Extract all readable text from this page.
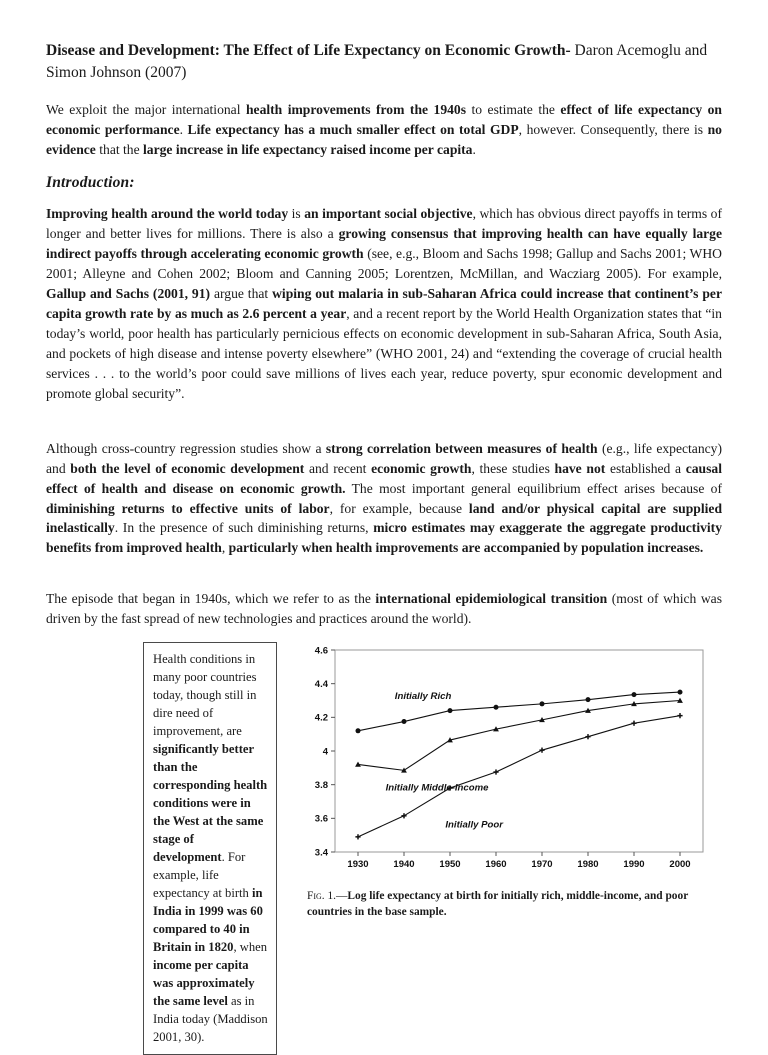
Disease and Development: The Effect of Life Expectancy on Economic Growth- Daron Acemoglu and Simon Johnson (2007)

We exploit the major international health improvements from the 1940s to estimate the effect of life expectancy on economic performance. Life expectancy has a much smaller effect on total GDP, however. Consequently, there is no evidence that the large increase in life expectancy raised income per capita.

Introduction:

Improving health around the world today is an important social objective, which has obvious direct payoffs in terms of longer and better lives for millions. There is also a growing consensus that improving health can have equally large indirect payoffs through accelerating economic growth (see, e.g., Bloom and Sachs 1998; Gallup and Sachs 2001; WHO 2001; Alleyne and Cohen 2002; Bloom and Canning 2005; Lorentzen, McMillan, and Wacziarg 2005). For example, Gallup and Sachs (2001, 91) argue that wiping out malaria in sub-Saharan Africa could increase that continent’s per capita growth rate by as much as 2.6 percent a year, and a recent report by the World Health Organization states that “in today’s world, poor health has particularly pernicious effects on economic development in sub-Saharan Africa, South Asia, and pockets of high disease and intense poverty elsewhere” (WHO 2001, 24) and “extending the coverage of crucial health services . . . to the world’s poor could save millions of lives each year, reduce poverty, spur economic development and promote global security”.

Although cross-country regression studies show a strong correlation between measures of health (e.g., life expectancy) and both the level of economic development and recent economic growth, these studies have not established a causal effect of health and disease on economic growth. The most important general equilibrium effect arises because of diminishing returns to effective units of labor, for example, because land and/or physical capital are supplied inelastically. In the presence of such diminishing returns, micro estimates may exaggerate the aggregate productivity benefits from improved health, particularly when health improvements are accompanied by population increases.

The episode that began in 1940s, which we refer to as the international epidemiological transition (most of which was driven by the fast spread of new technologies and practices around the world).

Health conditions in many poor countries today, though still in dire need of improvement, are significantly better than the corresponding health conditions were in the West at the same stage of development. For example, life expectancy at birth in India in 1999 was 60 compared to 40 in Britain in 1820, when income per capita was approximately the same level as in India today (Maddison 2001, 30).
3.4
3.6
3.8
4
4.2
4.4
4.6
1930	1940	1950	1960	1970	1980	1990	2000
Initially Rich
Initially Middle-Income
Initially Poor
Fig. 1.—Log life expectancy at birth for initially rich, middle-income, and poor countries in the base sample.
